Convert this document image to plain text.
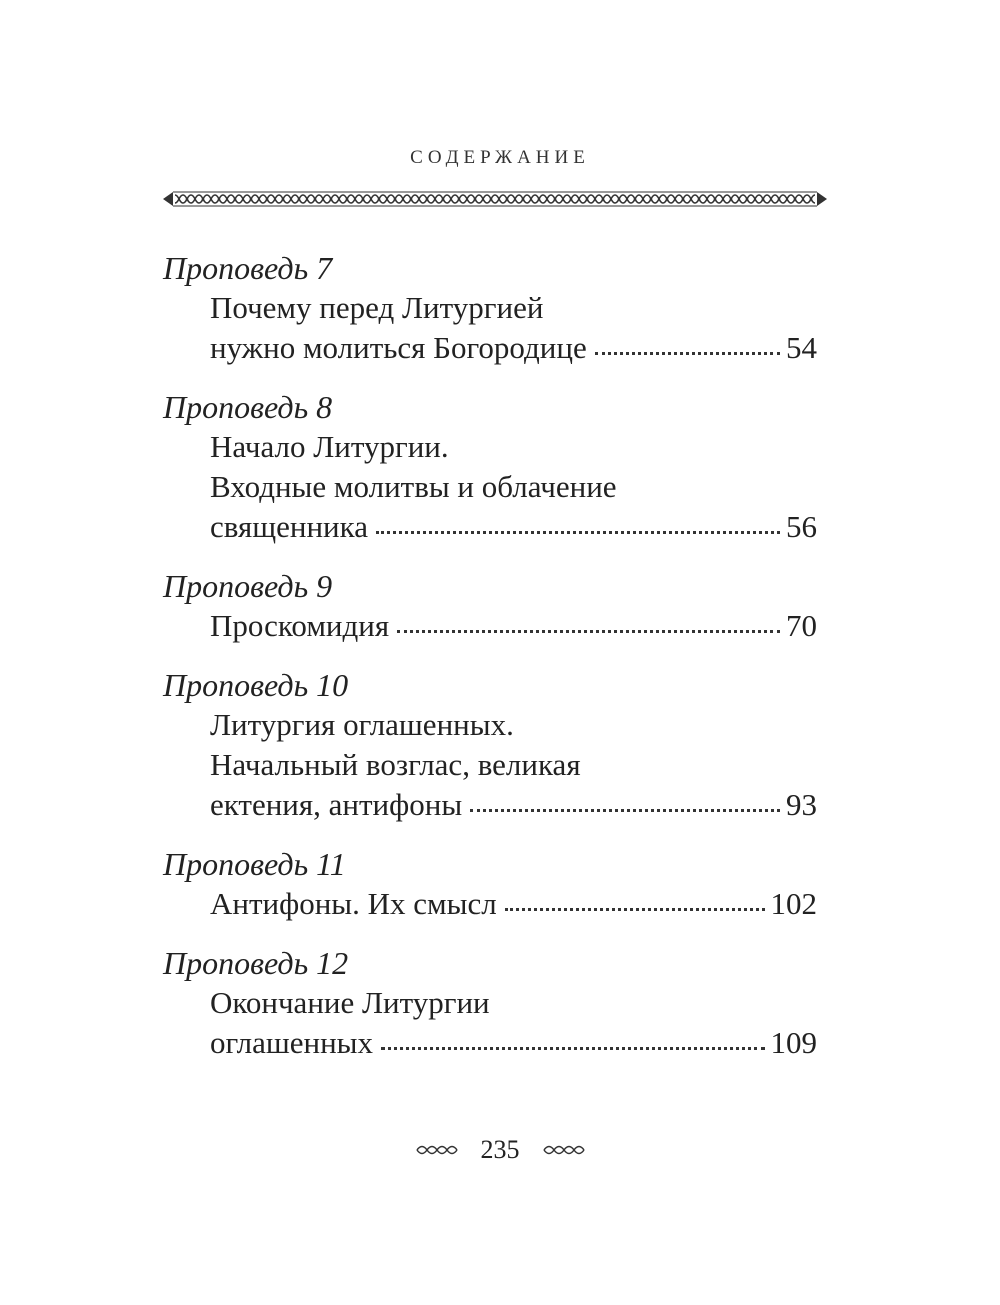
СОДЕРЖАНИЕ
Проповедь 7
Почему перед Литургией
нужно молиться Богородице	54
Проповедь 8
Начало Литургии.
Входные молитвы и облачение
священника	56
Проповедь 9
Проскомидия	70
Проповедь 10
Литургия оглашенных.
Начальный возглас, великая
ектения, антифоны	93
Проповедь 11
Антифоны. Их смысл	102
Проповедь 12
Окончание Литургии
оглашенных	109
235
